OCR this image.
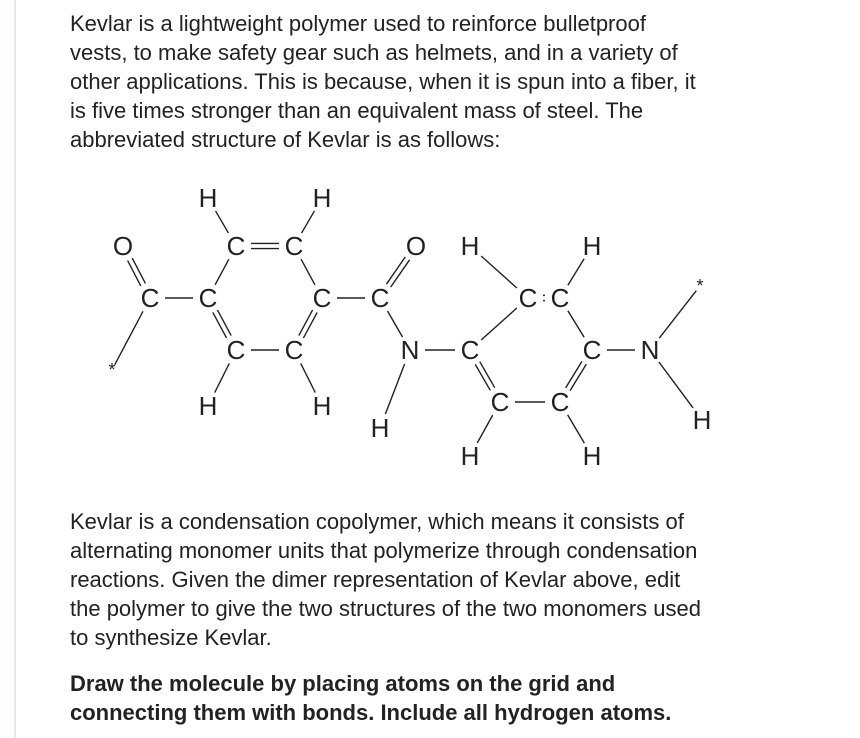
Kevlar is a lightweight polymer used to reinforce bulletproof
vests, to make safety gear such as helmets, and in a variety of
other applications. This is because, when it is spun into a fiber, it
is five times stronger than an equivalent mass of steel. The
abbreviated structure of Kevlar is as follows:

O
C C
C
C
H	H
C
C
C
H	H
C
O
N
H
C
C
C
H	H
C
C
C
H	H
N
H
*
*

Kevlar is a condensation copolymer, which means it consists of
alternating monomer units that polymerize through condensation
reactions. Given the dimer representation of Kevlar above, edit
the polymer to give the two structures of the two monomers used
to synthesize Kevlar.

Draw the molecule by placing atoms on the grid and
connecting them with bonds. Include all hydrogen atoms.
